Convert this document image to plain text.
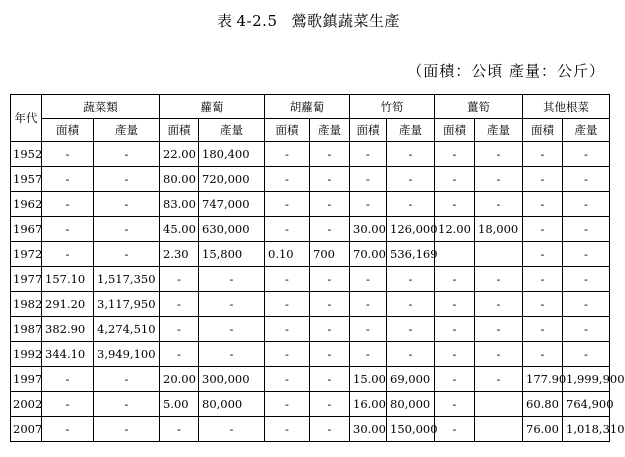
表 4-2.5 鶯歌鎮蔬菜生產
（面積：公頃 產量：公斤）
年代	蔬菜類		蘿蔔		胡蘿蔔		竹筍		薑筍		其他根菜	
	面積	產量	面積	產量	面積	產量	面積	產量	面積	產量	面積	產量
1952	-	-	22.00	180,400	-	-	-	-	-	-	-	-
1957	-	-	80.00	720,000	-	-	-	-	-	-	-	-
1962	-	-	83.00	747,000	-	-	-	-	-	-	-	-
1967	-	-	45.00	630,000	-	-	30.00	126,000	12.00	18,000	-	-
1972	-	-	2.30	15,800	0.10	700	70.00	536,169			-	-
1977	157.10	1,517,350	-	-	-	-	-	-	-	-	-	-
1982	291.20	3,117,950	-	-	-	-	-	-	-	-	-	-
1987	382.90	4,274,510	-	-	-	-	-	-	-	-	-	-
1992	344.10	3,949,100	-	-	-	-	-	-	-	-	-	-
1997	-	-	20.00	300,000	-	-	15.00	69,000	-	-	177.90	1,999,900
2002	-	-	5.00	80,000	-	-	16.00	80,000	-		60.80	764,900
2007	-	-	-	-	-	-	30.00	150,000	-		76.00	1,018,310
